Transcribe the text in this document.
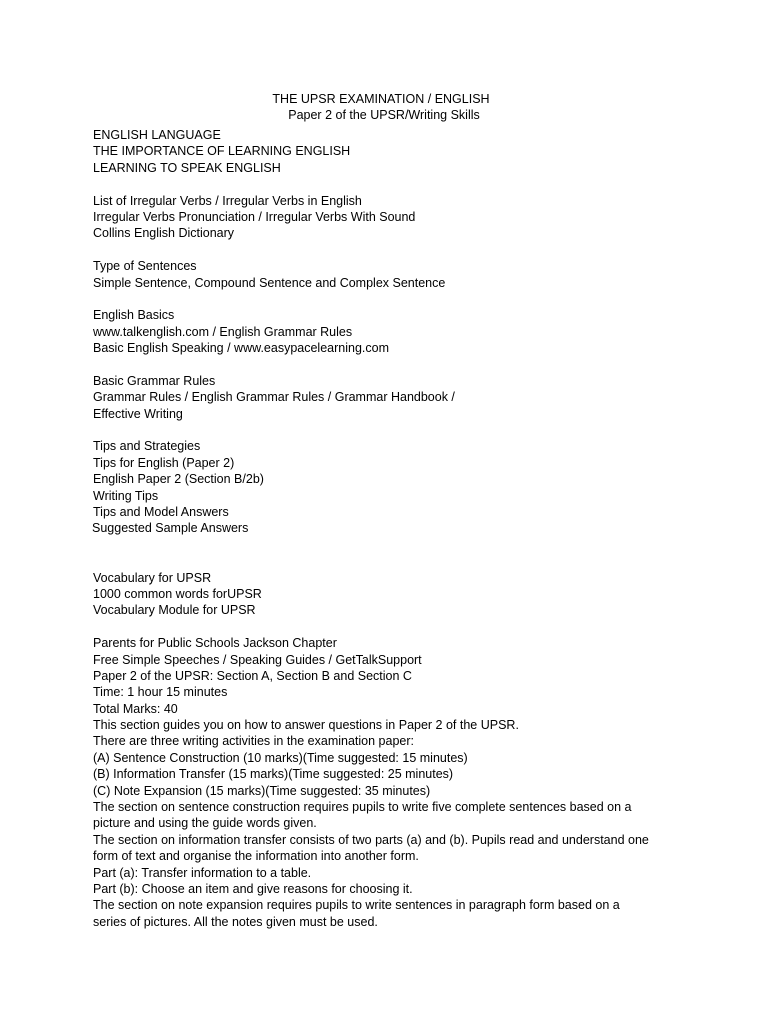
THE UPSR EXAMINATION / ENGLISH
Paper 2 of the UPSR/Writing Skills
ENGLISH LANGUAGE
THE IMPORTANCE OF LEARNING ENGLISH
LEARNING TO SPEAK ENGLISH
List of Irregular Verbs / Irregular Verbs in English
Irregular Verbs Pronunciation / Irregular Verbs With Sound
Collins English Dictionary
Type of Sentences
Simple Sentence, Compound Sentence and Complex Sentence
English Basics
www.talkenglish.com / English Grammar Rules
Basic English Speaking / www.easypacelearning.com
Basic Grammar Rules
Grammar Rules / English Grammar Rules / Grammar Handbook /
Effective Writing
Tips and Strategies
Tips for English (Paper 2)
English Paper 2 (Section B/2b)
Writing Tips
Tips and Model Answers
Suggested Sample Answers
Vocabulary for UPSR
1000 common words forUPSR
Vocabulary Module for UPSR
Parents for Public Schools Jackson Chapter
Free Simple Speeches / Speaking Guides / GetTalkSupport
Paper 2 of the UPSR: Section A, Section B and Section C
Time: 1 hour 15 minutes
Total Marks: 40
This section guides you on how to answer questions in Paper 2 of the UPSR.
There are three writing activities in the examination paper:
(A) Sentence Construction (10 marks)(Time suggested: 15 minutes)
(B) Information Transfer (15 marks)(Time suggested: 25 minutes)
(C) Note Expansion (15 marks)(Time suggested: 35 minutes)
The section on sentence construction requires pupils to write five complete sentences based on a
picture and using the guide words given.
The section on information transfer consists of two parts (a) and (b). Pupils read and understand one
form of text and organise the information into another form.
Part (a): Transfer information to a table.
Part (b): Choose an item and give reasons for choosing it.
The section on note expansion requires pupils to write sentences in paragraph form based on a
series of pictures. All the notes given must be used.
